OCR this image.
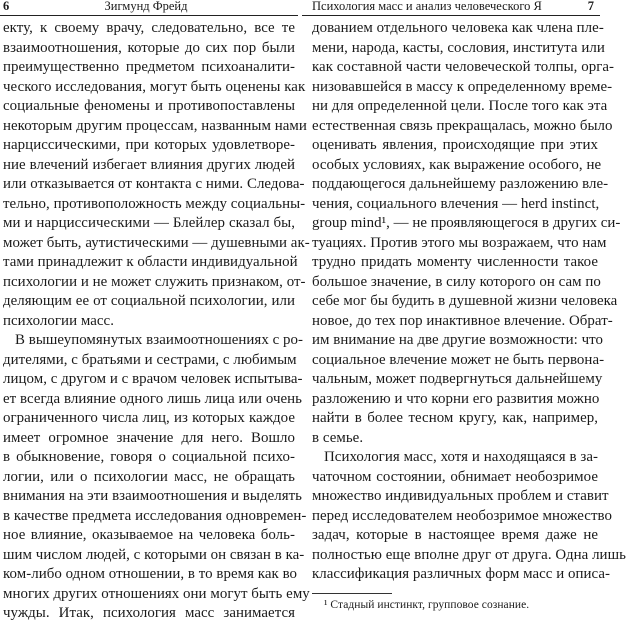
6	Зигмунд Фрейд
екту, к своему врачу, следовательно, все те
взаимоотношения, которые до сих пор были
преимущественно предметом психоаналити-
ческого исследования, могут быть оценены как
социальные феномены и противопоставлены
некоторым другим процессам, названным нами
нарциссическими, при которых удовлетворе-
ние влечений избегает влияния других людей
или отказывается от контакта с ними. Следова-
тельно, противоположность между социальны-
ми и нарциссическими — Блейлер сказал бы,
может быть, аутистическими — душевными ак-
тами принадлежит к области индивидуальной
психологии и не может служить признаком, от-
деляющим ее от социальной психологии, или
психологии масс.
В вышеупомянутых взаимоотношениях с ро-
дителями, с братьями и сестрами, с любимым
лицом, с другом и с врачом человек испытыва-
ет всегда влияние одного лишь лица или очень
ограниченного числа лиц, из которых каждое
имеет огромное значение для него. Вошло
в обыкновение, говоря о социальной психо-
логии, или о психологии масс, не обращать
внимания на эти взаимоотношения и выделять
в качестве предмета исследования одновремен-
ное влияние, оказываемое на человека боль-
шим числом людей, с которыми он связан в ка-
ком-либо одном отношении, в то время как во
многих других отношениях они могут быть ему
чужды. Итак, психология масс занимается
Психология масс и анализ человеческого Я	7
дованием отдельного человека как члена пле-
мени, народа, касты, сословия, института или
как составной части человеческой толпы, орга-
низовавшейся в массу к определенному време-
ни для определенной цели. После того как эта
естественная связь прекращалась, можно было
оценивать явления, происходящие при этих
особых условиях, как выражение особого, не
поддающегося дальнейшему разложению вле-
чения, социального влечения — herd instinct,
group mind¹, — не проявляющегося в других си-
туациях. Против этого мы возражаем, что нам
трудно придать моменту численности такое
большое значение, в силу которого он сам по
себе мог бы будить в душевной жизни человека
новое, до тех пор инактивное влечение. Обрат-
им внимание на две другие возможности: что
социальное влечение может не быть первона-
чальным, может подвергнуться дальнейшему
разложению и что корни его развития можно
найти в более тесном кругу, как, например,
в семье.
Психология масс, хотя и находящаяся в за-
чаточном состоянии, обнимает необозримое
множество индивидуальных проблем и ставит
перед исследователем необозримое множество
задач, которые в настоящее время даже не
полностью еще вполне друг от друга. Одна лишь
классификация различных форм масс и описа-
¹ Стадный инстинкт, групповое сознание.
